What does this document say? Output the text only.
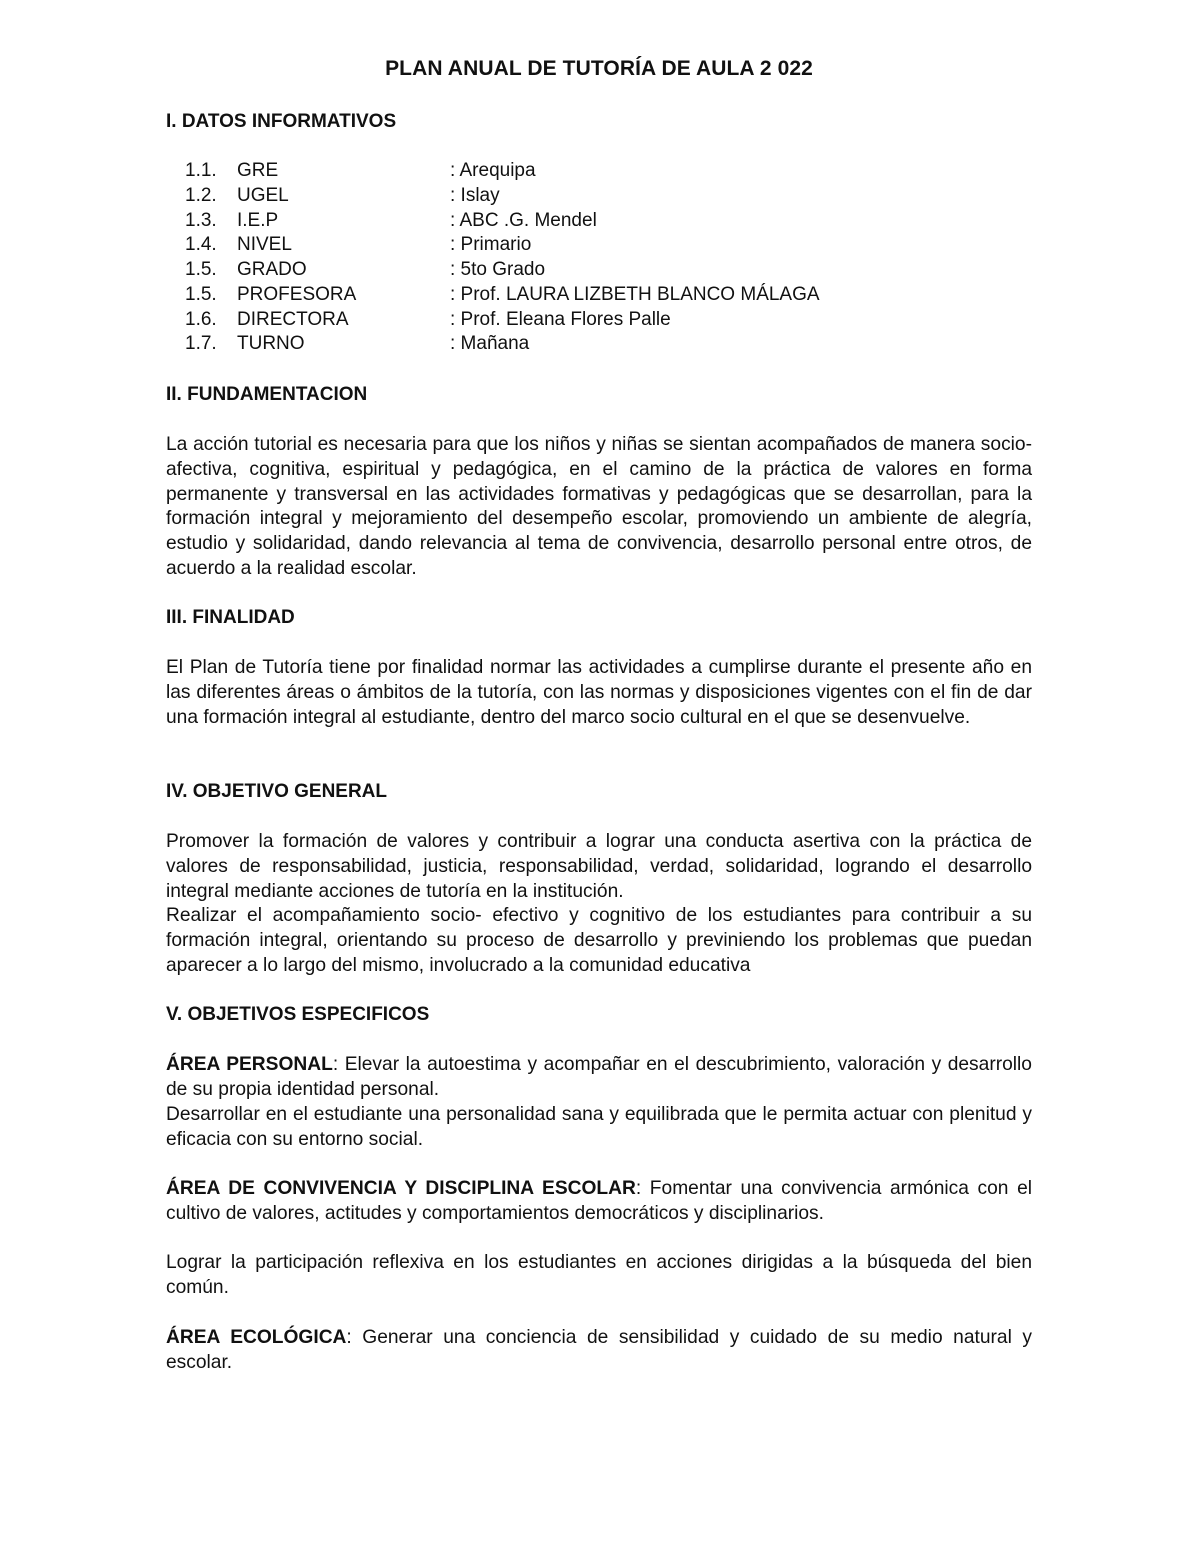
PLAN ANUAL DE TUTORÍA DE AULA 2 022
I. DATOS INFORMATIVOS
1.1. GRE	: Arequipa
1.2. UGEL	: Islay
1.3. I.E.P	: ABC .G. Mendel
1.4. NIVEL	: Primario
1.5. GRADO	: 5to Grado
1.5. PROFESORA	: Prof. LAURA LIZBETH BLANCO MÁLAGA
1.6. DIRECTORA	: Prof. Eleana Flores Palle
1.7. TURNO	: Mañana
II. FUNDAMENTACION

La acción tutorial es necesaria para que los niños y niñas se sientan acompañados de manera socio- afectiva, cognitiva, espiritual y pedagógica, en el camino de la práctica de valores en forma permanente y transversal en las actividades formativas y pedagógicas que se desarrollan, para la formación integral y mejoramiento del desempeño escolar, promoviendo un ambiente de alegría, estudio y solidaridad, dando relevancia al tema de convivencia, desarrollo personal entre otros, de acuerdo a la realidad escolar.

III. FINALIDAD

El Plan de Tutoría tiene por finalidad normar las actividades a cumplirse durante el presente año en las diferentes áreas o ámbitos de la tutoría, con las normas y disposiciones vigentes con el fin de dar una formación integral al estudiante, dentro del marco socio cultural en el que se desenvuelve.

IV. OBJETIVO GENERAL

Promover la formación de valores y contribuir a lograr una conducta asertiva con la práctica de valores de responsabilidad, justicia, responsabilidad, verdad, solidaridad, logrando el desarrollo integral mediante acciones de tutoría en la institución.

Realizar el acompañamiento socio- efectivo y cognitivo de los estudiantes para contribuir a su formación integral, orientando su proceso de desarrollo y previniendo los problemas que puedan aparecer a lo largo del mismo, involucrado a la comunidad educativa

V. OBJETIVOS ESPECIFICOS

ÁREA PERSONAL: Elevar la autoestima y acompañar en el descubrimiento, valoración y desarrollo de su propia identidad personal.

Desarrollar en el estudiante una personalidad sana y equilibrada que le permita actuar con plenitud y eficacia con su entorno social.

ÁREA DE CONVIVENCIA Y DISCIPLINA ESCOLAR: Fomentar una convivencia armónica con el cultivo de valores, actitudes y comportamientos democráticos y disciplinarios.

Lograr la participación reflexiva en los estudiantes en acciones dirigidas a la búsqueda del bien común.

ÁREA ECOLÓGICA: Generar una conciencia de sensibilidad y cuidado de su medio natural y escolar.
